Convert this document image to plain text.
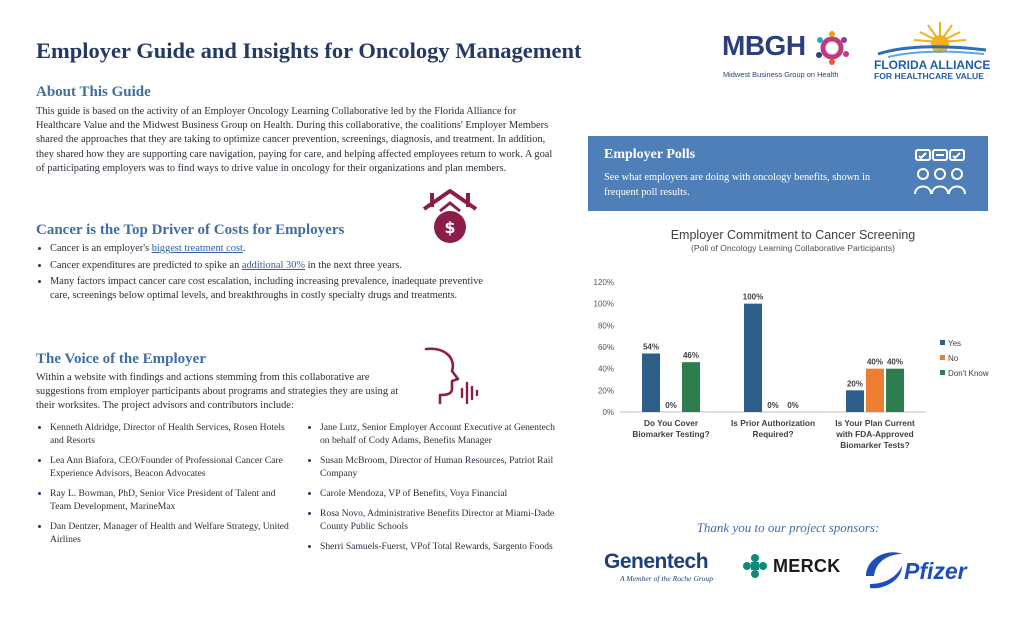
Employer Guide and Insights for Oncology Management	MBGH
Midwest Business Group on Health
FLORIDA ALLIANCE
FOR HEALTHCARE VALUE
About This Guide
This guide is based on the activity of an Employer Oncology Learning Collaborative led by the Florida Alliance for Healthcare Value and the Midwest Business Group on Health. During this collaborative, the coalitions' Employer Members shared the approaches that they are taking to optimize cancer prevention, screenings, diagnosis, and treatment. In addition, they shared how they are supporting care navigation, paying for care, and helping affected employees return to work. A goal of participating employers was to find ways to drive value in oncology for their organizations and plan members.
Cancer is the Top Driver of Costs for Employers	$
• Cancer is an employer's biggest treatment cost.
• Cancer expenditures are predicted to spike an additional 30% in the next three years.
• Many factors impact cancer care cost escalation, including increasing prevalence, inadequate preventive care, screenings below optimal levels, and breakthroughs in costly specialty drugs and treatments.
The Voice of the Employer
Within a website with findings and actions stemming from this collaborative are suggestions from employer participants about programs and strategies they are using at their worksites. The project advisors and contributors include:
• Kenneth Aldridge, Director of Health Services, Rosen Hotels and Resorts
• Lea Ann Biafora, CEO/Founder of Professional Cancer Care Experience Advisors, Beacon Advocates
• Ray L. Bowman, PhD, Senior Vice President of Talent and Team Development, MarineMax
• Dan Dentzer, Manager of Health and Welfare Strategy, United Airlines
• Jane Lutz, Senior Employer Account Executive at Genentech on behalf of Cody Adams, Benefits Manager
• Susan McBroom, Director of Human Resources, Patriot Rail Company
• Carole Mendoza, VP of Benefits, Voya Financial
• Rosa Novo, Administrative Benefits Director at Miami-Dade County Public Schools
• Sherri Samuels-Fuerst, VPof Total Rewards, Sargento Foods
Employer Polls
See what employers are doing with oncology benefits, shown in frequent poll results.
Employer Commitment to Cancer Screening
(Poll of Oncology Learning Collaborative Participants)
0%
20%
40%
60%
80%
100%
120%
54%
0%
46%
Do You Cover
Biomarker Testing?
100%
0% 0%
Is Prior Authorization
Required?
20%
40% 40%
Is Your Plan Current
with FDA-Approved
Biomarker Tests?
Yes
No
Don't Know
Thank you to our project sponsors:
Genentech
A Member of the Roche Group
MERCK	Pfizer
